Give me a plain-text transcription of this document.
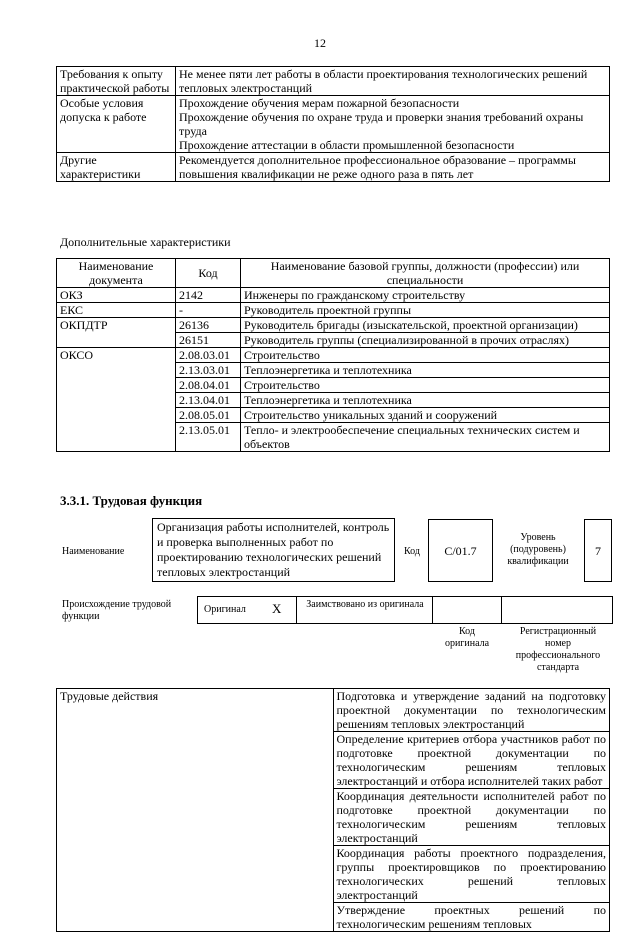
12
Требования к опыту практической работы	Не менее пяти лет работы в области проектирования технологических решений тепловых электростанций

Особые условия допуска к работе	Прохождение обучения мерам пожарной безопасности
Прохождение обучения по охране труда и проверки знания требований охраны труда
Прохождение аттестации в области промышленной безопасности

Другие характеристики	Рекомендуется дополнительное профессиональное образование – программы повышения квалификации не реже одного раза в пять лет
Дополнительные характеристики
Наименование документа	Код	Наименование базовой группы, должности (профессии) или специальности
ОКЗ	2142	Инженеры по гражданскому строительству
ЕКС	-	Руководитель проектной группы
ОКПДТР	26136	Руководитель бригады (изыскательской, проектной организации)
	26151	Руководитель группы (специализированной в прочих отраслях)
ОКСО	2.08.03.01	Строительство
	2.13.03.01	Теплоэнергетика и теплотехника
	2.08.04.01	Строительство
	2.13.04.01	Теплоэнергетика и теплотехника
	2.08.05.01	Строительство уникальных зданий и сооружений
	2.13.05.01	Тепло- и электрообеспечение специальных технических систем и объектов
3.3.1. Трудовая функция
Наименование
Организация работы исполнителей, контроль и проверка выполненных работ по проектированию технологических решений тепловых электростанций
Код	С/01.7
Уровень (подуровень) квалификации
7
Происхождение трудовой функции
Оригинал X	Заимствовано из оригинала
Код оригинала
Регистрационный номер профессионального стандарта
Трудовые действия	Подготовка и утверждение заданий на подготовку проектной документации по технологическим решениям тепловых электростанций
Определение критериев отбора участников работ по подготовке проектной документации по технологическим решениям тепловых электростанций и отбора исполнителей таких работ
Координация деятельности исполнителей работ по подготовке проектной документации по технологическим решениям тепловых электростанций
Координация работы проектного подразделения, группы проектировщиков по проектированию технологических решений тепловых электростанций
Утверждение проектных решений по технологическим решениям тепловых
